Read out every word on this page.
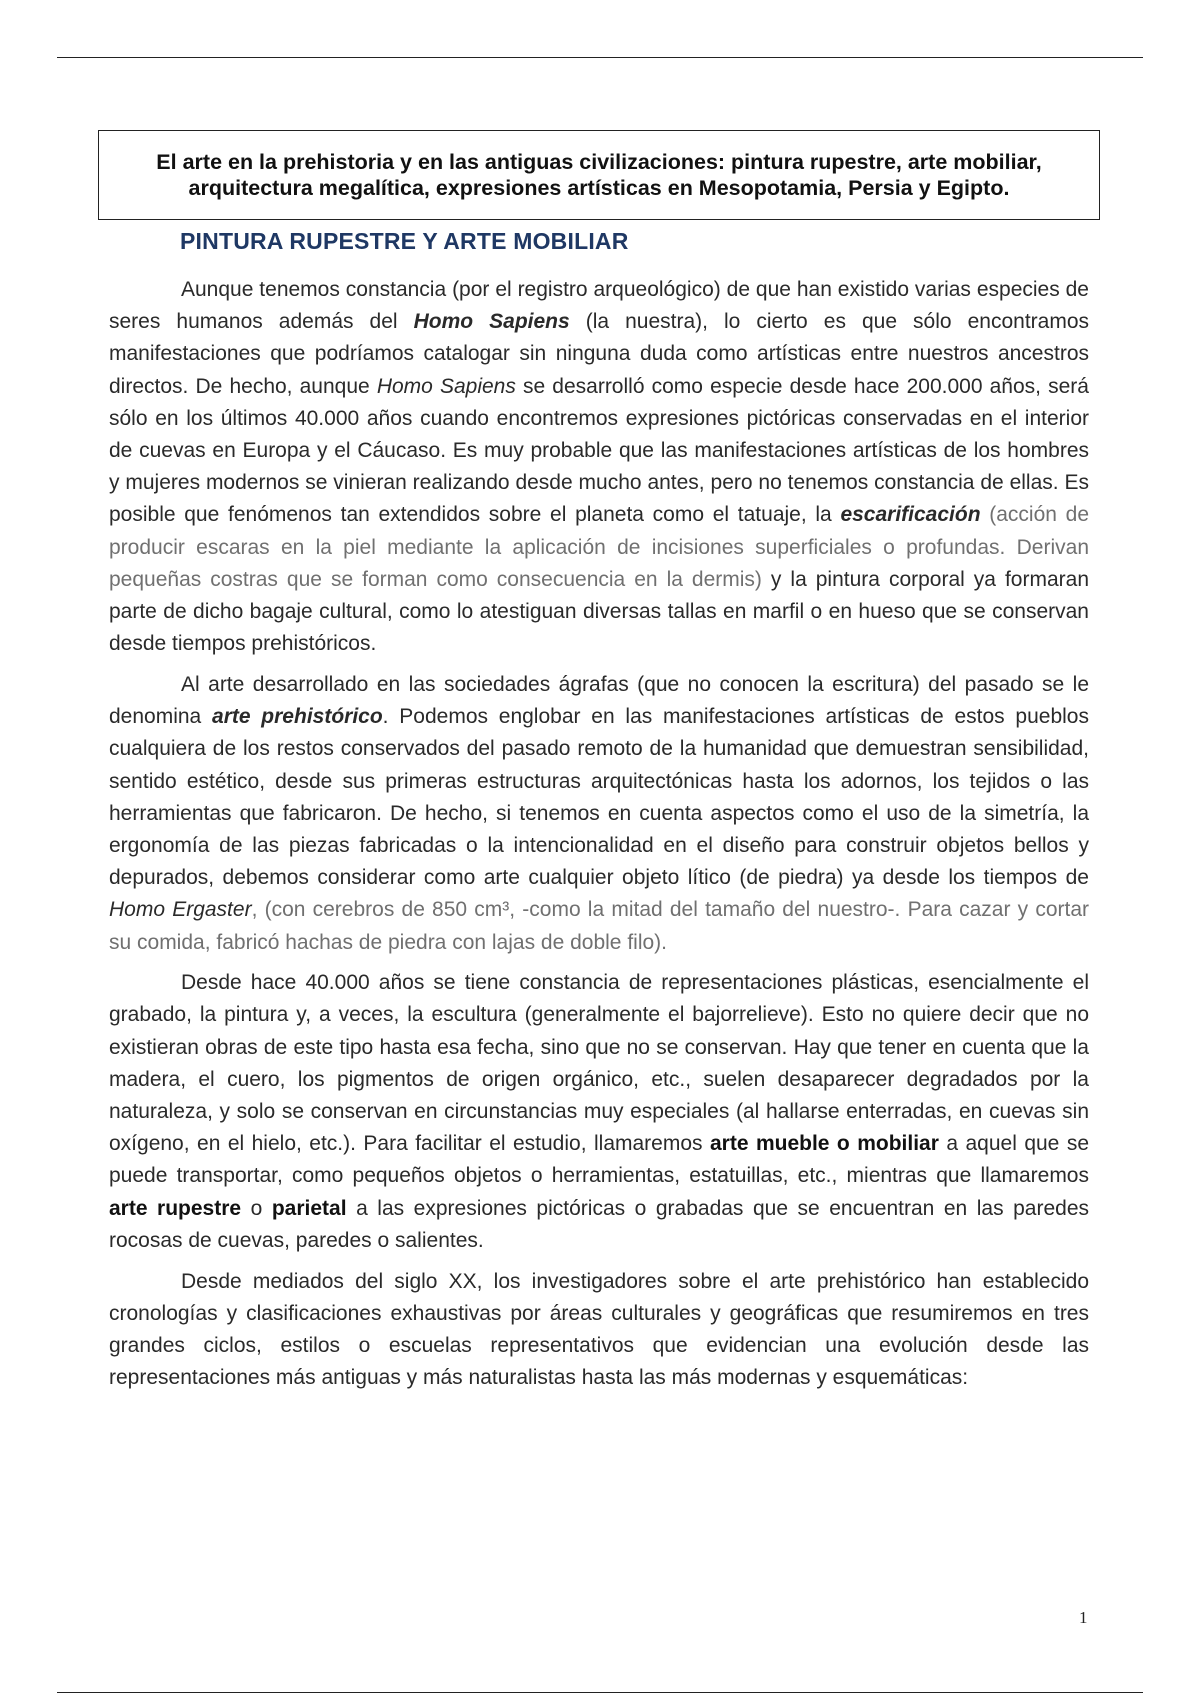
El arte en la prehistoria y en las antiguas civilizaciones: pintura rupestre, arte mobiliar, arquitectura megalítica, expresiones artísticas en Mesopotamia, Persia y Egipto.
PINTURA RUPESTRE Y ARTE MOBILIAR

Aunque tenemos constancia (por el registro arqueológico) de que han existido varias especies de seres humanos además del Homo Sapiens (la nuestra), lo cierto es que sólo encontramos manifestaciones que podríamos catalogar sin ninguna duda como artísticas entre nuestros ancestros directos. De hecho, aunque Homo Sapiens se desarrolló como especie desde hace 200.000 años, será sólo en los últimos 40.000 años cuando encontremos expresiones pictóricas conservadas en el interior de cuevas en Europa y el Cáucaso. Es muy probable que las manifestaciones artísticas de los hombres y mujeres modernos se vinieran realizando desde mucho antes, pero no tenemos constancia de ellas. Es posible que fenómenos tan extendidos sobre el planeta como el tatuaje, la escarificación (acción de producir escaras en la piel mediante la aplicación de incisiones superficiales o profundas. Derivan pequeñas costras que se forman como consecuencia en la dermis) y la pintura corporal ya formaran parte de dicho bagaje cultural, como lo atestiguan diversas tallas en marfil o en hueso que se conservan desde tiempos prehistóricos.

Al arte desarrollado en las sociedades ágrafas (que no conocen la escritura) del pasado se le denomina arte prehistórico. Podemos englobar en las manifestaciones artísticas de estos pueblos cualquiera de los restos conservados del pasado remoto de la humanidad que demuestran sensibilidad, sentido estético, desde sus primeras estructuras arquitectónicas hasta los adornos, los tejidos o las herramientas que fabricaron. De hecho, si tenemos en cuenta aspectos como el uso de la simetría, la ergonomía de las piezas fabricadas o la intencionalidad en el diseño para construir objetos bellos y depurados, debemos considerar como arte cualquier objeto lítico (de piedra) ya desde los tiempos de Homo Ergaster, (con cerebros de 850 cm³, -como la mitad del tamaño del nuestro-. Para cazar y cortar su comida, fabricó hachas de piedra con lajas de doble filo).

Desde hace 40.000 años se tiene constancia de representaciones plásticas, esencialmente el grabado, la pintura y, a veces, la escultura (generalmente el bajorrelieve). Esto no quiere decir que no existieran obras de este tipo hasta esa fecha, sino que no se conservan. Hay que tener en cuenta que la madera, el cuero, los pigmentos de origen orgánico, etc., suelen desaparecer degradados por la naturaleza, y solo se conservan en circunstancias muy especiales (al hallarse enterradas, en cuevas sin oxígeno, en el hielo, etc.). Para facilitar el estudio, llamaremos arte mueble o mobiliar a aquel que se puede transportar, como pequeños objetos o herramientas, estatuillas, etc., mientras que llamaremos arte rupestre o parietal a las expresiones pictóricas o grabadas que se encuentran en las paredes rocosas de cuevas, paredes o salientes.

Desde mediados del siglo XX, los investigadores sobre el arte prehistórico han establecido cronologías y clasificaciones exhaustivas por áreas culturales y geográficas que resumiremos en tres grandes ciclos, estilos o escuelas representativos que evidencian una evolución desde las representaciones más antiguas y más naturalistas hasta las más modernas y esquemáticas:

1
